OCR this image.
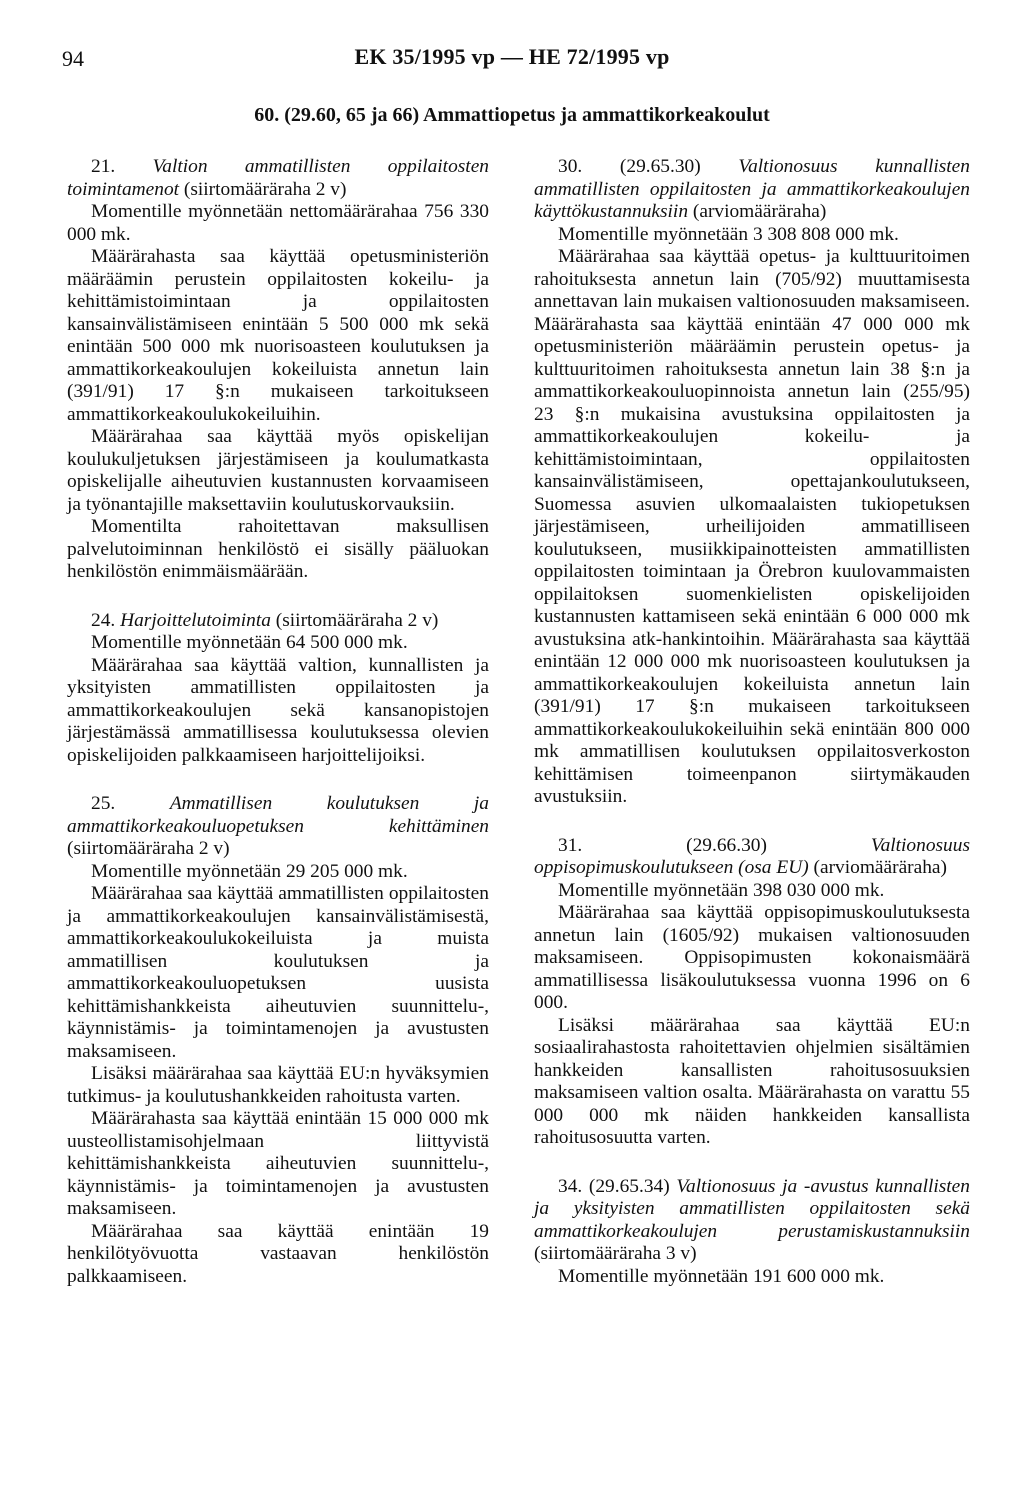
94	EK 35/1995 vp — HE 72/1995 vp
60. (29.60, 65 ja 66) Ammattiopetus ja ammattikorkeakoulut

21. Valtion ammatillisten oppilaitosten toimintamenot (siirtomääräraha 2 v)

Momentille myönnetään nettomäärärahaa 756 330 000 mk.

Määrärahasta saa käyttää opetusministeriön määräämin perustein oppilaitosten kokeilu- ja kehittämistoimintaan ja oppilaitosten kansainvälistämiseen enintään 5 500 000 mk sekä enintään 500 000 mk nuorisoasteen koulutuksen ja ammattikorkeakoulujen kokeiluista annetun lain (391/91) 17 §:n mukaiseen tarkoitukseen ammattikorkeakoulukokeiluihin.

Määrärahaa saa käyttää myös opiskelijan koulukuljetuksen järjestämiseen ja koulumatkasta opiskelijalle aiheutuvien kustannusten korvaamiseen ja työnantajille maksettaviin koulutuskorvauksiin.

Momentilta rahoitettavan maksullisen palvelutoiminnan henkilöstö ei sisälly pääluokan henkilöstön enimmäismäärään.

24. Harjoittelutoiminta (siirtomääräraha 2 v)

Momentille myönnetään 64 500 000 mk.

Määrärahaa saa käyttää valtion, kunnallisten ja yksityisten ammatillisten oppilaitosten ja ammattikorkeakoulujen sekä kansanopistojen järjestämässä ammatillisessa koulutuksessa olevien opiskelijoiden palkkaamiseen harjoittelijoiksi.

25.	Ammatillisen koulutuksen ja ammattikorkeakouluopetuksen kehittäminen (siirtomääräraha 2 v)

Momentille myönnetään 29 205 000 mk.

Määrärahaa saa käyttää ammatillisten oppilaitosten ja ammattikorkeakoulujen kansainvälistämisestä, ammattikorkeakoulukokeiluista ja muista ammatillisen koulutuksen ja ammattikorkeakouluopetuksen uusista kehittämishankkeista aiheutuvien suunnittelu-, käynnistämis- ja toimintamenojen ja avustusten maksamiseen.

Lisäksi määrärahaa saa käyttää EU:n hyväksymien tutkimus- ja koulutushankkeiden rahoitusta varten.

Määrärahasta saa käyttää enintään 15 000 000 mk uusteollistamisohjelmaan liittyvistä kehittämishankkeista aiheutuvien suunnittelu-, käynnistämis- ja toimintamenojen ja avustusten maksamiseen.

Määrärahaa saa käyttää enintään 19 henkilötyövuotta vastaavan henkilöstön palkkaamiseen.

30. (29.65.30) Valtionosuus kunnallisten ammatillisten oppilaitosten ja ammattikorkeakoulujen käyttökustannuksiin (arviomääräraha)

Momentille myönnetään 3 308 808 000 mk.

Määrärahaa saa käyttää opetus- ja kulttuuritoimen rahoituksesta annetun lain (705/92) muuttamisesta annettavan lain mukaisen valtionosuuden maksamiseen. Määrärahasta saa käyttää enintään 47 000 000 mk opetusministeriön määräämin perustein opetus- ja kulttuuritoimen rahoituksesta annetun lain 38 §:n ja ammattikorkeakouluopinnoista annetun lain (255/95) 23 §:n mukaisina avustuksina oppilaitosten ja ammattikorkeakoulujen kokeilu- ja kehittämistoimintaan, oppilaitosten kansainvälistämiseen, opettajankoulutukseen, Suomessa asuvien ulkomaalaisten tukiopetuksen järjestämiseen, urheilijoiden ammatilliseen koulutukseen, musiikkipainotteisten ammatillisten oppilaitosten toimintaan ja Örebron kuulovammaisten oppilaitoksen suomenkielisten opiskelijoiden kustannusten kattamiseen sekä enintään 6 000 000 mk avustuksina atk-hankintoihin. Määrärahasta saa käyttää enintään 12 000 000 mk nuorisoasteen koulutuksen ja ammattikorkeakoulujen kokeiluista annetun lain (391/91) 17 §:n mukaiseen tarkoitukseen ammattikorkeakoulukokeiluihin sekä enintään 800 000 mk ammatillisen koulutuksen oppilaitosverkoston kehittämisen toimeenpanon siirtymäkauden avustuksiin.

31. (29.66.30)	Valtionosuus oppisopimuskoulutukseen (osa EU) (arviomääräraha)

Momentille myönnetään 398 030 000 mk.

Määrärahaa saa käyttää oppisopimuskoulutuksesta annetun lain (1605/92) mukaisen valtionosuuden maksamiseen. Oppisopimusten kokonaismäärä ammatillisessa lisäkoulutuksessa vuonna 1996 on 6 000.

Lisäksi määrärahaa saa käyttää EU:n sosiaalirahastosta rahoitettavien ohjelmien sisältämien hankkeiden kansallisten rahoitusosuuksien maksamiseen valtion osalta. Määrärahasta on varattu 55 000 000 mk näiden hankkeiden kansallista rahoitusosuutta varten.

34. (29.65.34) Valtionosuus ja -avustus kunnallisten ja yksityisten ammatillisten oppilaitosten sekä ammattikorkeakoulujen perustamiskustannuksiin (siirtomääräraha 3 v)

Momentille myönnetään 191 600 000 mk.
